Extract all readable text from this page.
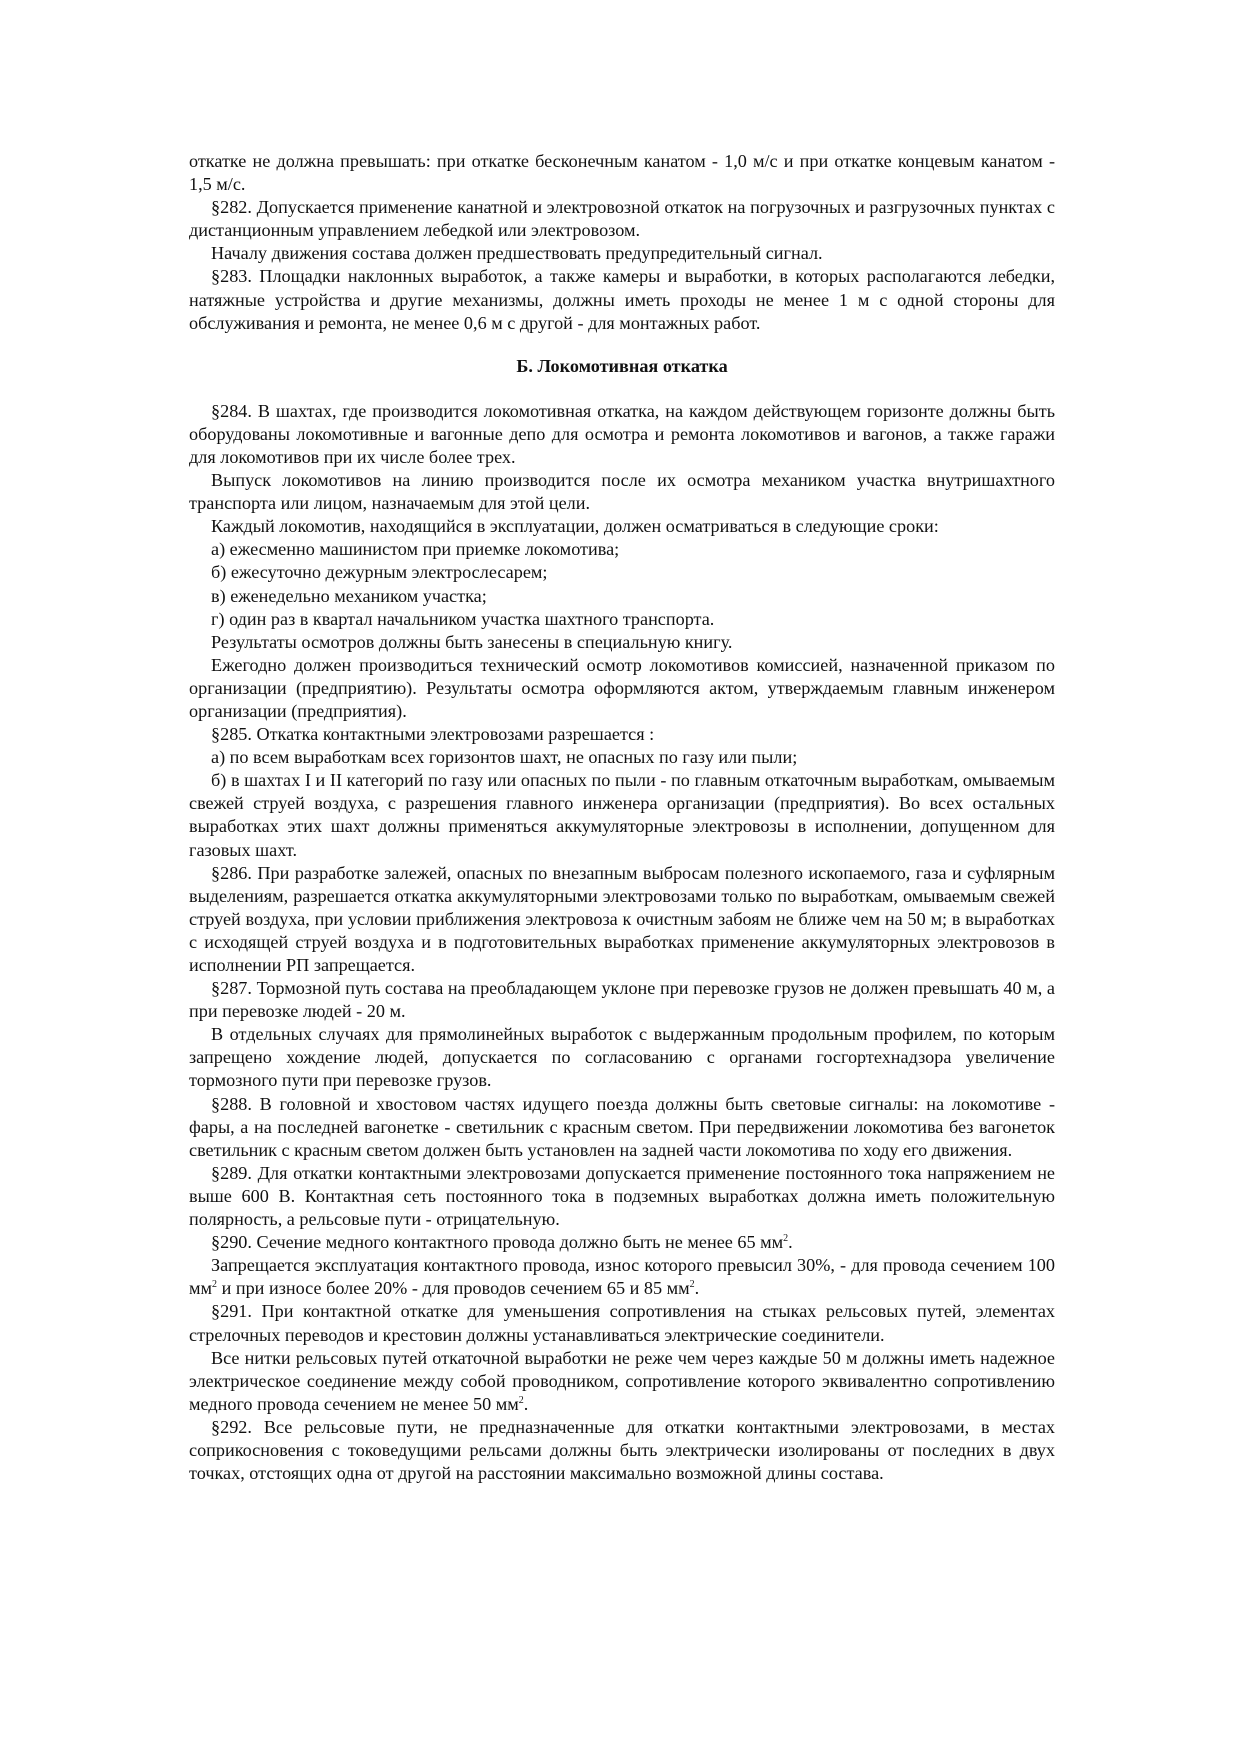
откатке не должна превышать: при откатке бесконечным канатом - 1,0 м/с и при откатке концевым канатом - 1,5 м/с.

§282. Допускается применение канатной и электровозной откаток на погрузочных и разгрузочных пунктах с дистанционным управлением лебедкой или электровозом.

Началу движения состава должен предшествовать предупредительный сигнал.

§283. Площадки наклонных выработок, а также камеры и выработки, в которых располагаются лебедки, натяжные устройства и другие механизмы, должны иметь проходы не менее 1 м с одной стороны для обслуживания и ремонта, не менее 0,6 м с другой - для монтажных работ.

Б. Локомотивная откатка

§284. В шахтах, где производится локомотивная откатка, на каждом действующем горизонте должны быть оборудованы локомотивные и вагонные депо для осмотра и ремонта локомотивов и вагонов, а также гаражи для локомотивов при их числе более трех.

Выпуск локомотивов на линию производится после их осмотра механиком участка внутришахтного транспорта или лицом, назначаемым для этой цели.

Каждый локомотив, находящийся в эксплуатации, должен осматриваться в следующие сроки:

а) ежесменно машинистом при приемке локомотива;

б) ежесуточно дежурным электрослесарем;

в) еженедельно механиком участка;

г) один раз в квартал начальником участка шахтного транспорта.

Результаты осмотров должны быть занесены в специальную книгу.

Ежегодно должен производиться технический осмотр локомотивов комиссией, назначенной приказом по организации (предприятию). Результаты осмотра оформляются актом, утверждаемым главным инженером организации (предприятия).

§285. Откатка контактными электровозами разрешается :

а) по всем выработкам всех горизонтов шахт, не опасных по газу или пыли;

б) в шахтах I и II категорий по газу или опасных по пыли - по главным откаточным выработкам, омываемым свежей струей воздуха, с разрешения главного инженера организации (предприятия). Во всех остальных выработках этих шахт должны применяться аккумуляторные электровозы в исполнении, допущенном для газовых шахт.

§286. При разработке залежей, опасных по внезапным выбросам полезного ископаемого, газа и суфлярным выделениям, разрешается откатка аккумуляторными электровозами только по выработкам, омываемым свежей струей воздуха, при условии приближения электровоза к очистным забоям не ближе чем на 50 м; в выработках с исходящей струей воздуха и в подготовительных выработках применение аккумуляторных электровозов в исполнении РП запрещается.

§287. Тормозной путь состава на преобладающем уклоне при перевозке грузов не должен превышать 40 м, а при перевозке людей - 20 м.

В отдельных случаях для прямолинейных выработок с выдержанным продольным профилем, по которым запрещено хождение людей, допускается по согласованию с органами госгортехнадзора увеличение тормозного пути при перевозке грузов.

§288. В головной и хвостовом частях идущего поезда должны быть световые сигналы: на локомотиве - фары, а на последней вагонетке - светильник с красным светом. При передвижении локомотива без вагонеток светильник с красным светом должен быть установлен на задней части локомотива по ходу его движения.

§289. Для откатки контактными электровозами допускается применение постоянного тока напряжением не выше 600 В. Контактная сеть постоянного тока в подземных выработках должна иметь положительную полярность, а рельсовые пути - отрицательную.

§290. Сечение медного контактного провода должно быть не менее 65 $мм^2$.

Запрещается эксплуатация контактного провода, износ которого превысил 30%, - для провода сечением 100 $мм^2$ и при износе более 20% - для проводов сечением 65 и 85 $мм^2$.

§291. При контактной откатке для уменьшения сопротивления на стыках рельсовых путей, элементах стрелочных переводов и крестовин должны устанавливаться электрические соединители.

Все нитки рельсовых путей откаточной выработки не реже чем через каждые 50 м должны иметь надежное электрическое соединение между собой проводником, сопротивление которого эквивалентно сопротивлению медного провода сечением не менее 50 $мм^2$.

§292. Все рельсовые пути, не предназначенные для откатки контактными электровозами, в местах соприкосновения с токоведущими рельсами должны быть электрически изолированы от последних в двух точках, отстоящих одна от другой на расстоянии максимально возможной длины состава.
